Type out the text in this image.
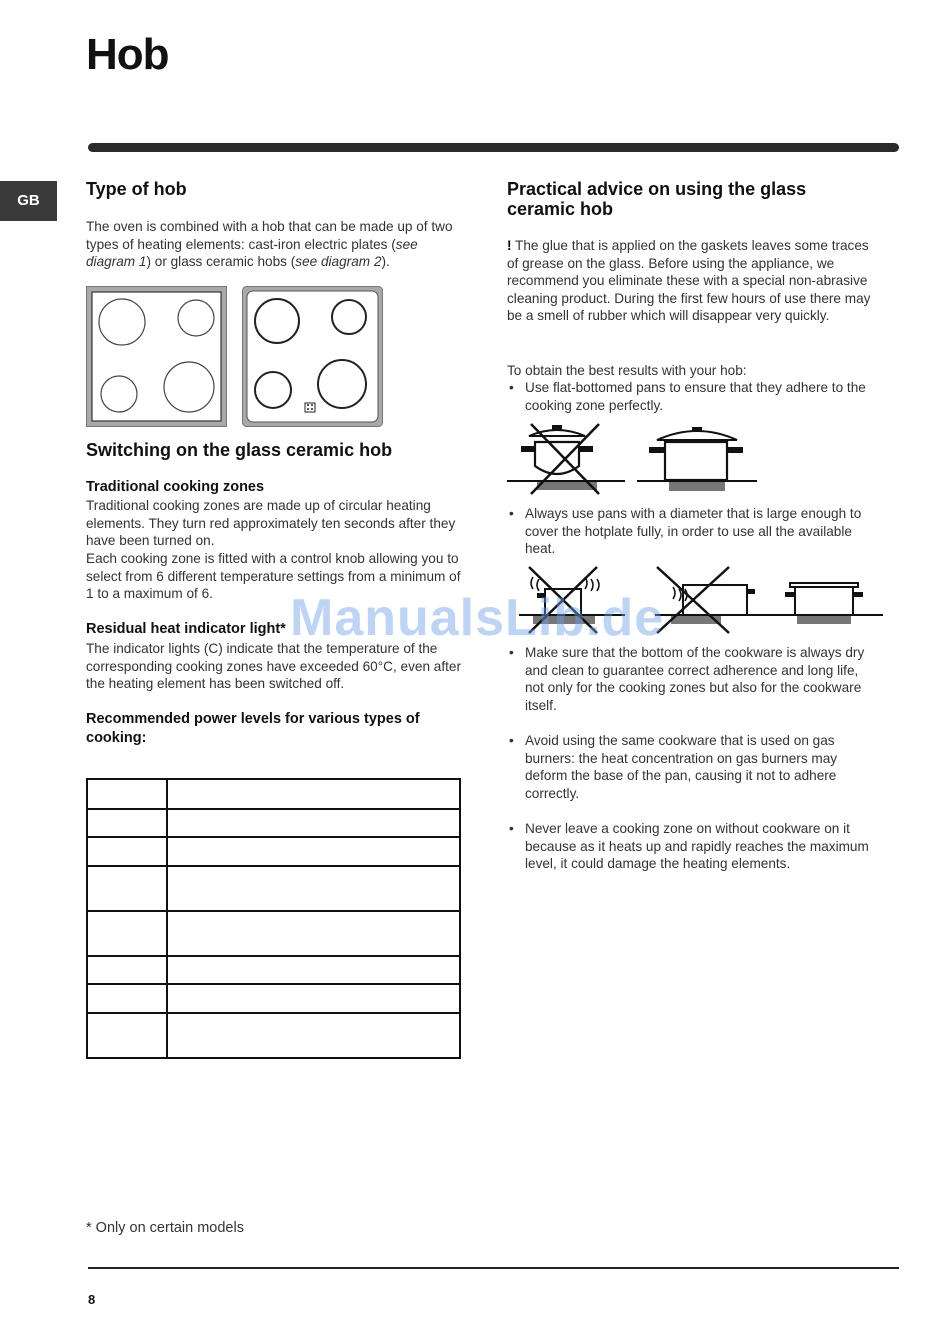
Hob
GB
Type of hob

The oven is combined with a hob that can be made up of two types of heating elements: cast-iron electric plates (see diagram 1) or glass ceramic hobs (see diagram 2).

Switching on the glass ceramic hob
Traditional cooking zones

Traditional cooking zones are made up of circular heating elements. They turn red approximately ten seconds after they have been turned on.

Each cooking zone is fitted with a control knob allowing you to select from 6 different temperature settings from a minimum of 1 to a maximum of 6.

Residual heat indicator light*

The indicator lights (C) indicate that the temperature of the corresponding cooking zones have exceeded 60°C, even after the heating element has been switched off.

Recommended power levels for various types of cooking:

Practical advice on using the glass ceramic hob

! The glue that is applied on the gaskets leaves some traces of grease on the glass. Before using the appliance, we recommend you eliminate these with a special non-abrasive cleaning product. During the first few hours of use there may be a smell of rubber which will disappear very quickly.

To obtain the best results with your hob:

• Use flat-bottomed pans to ensure that they adhere to the cooking zone perfectly.
• Always use pans with a diameter that is large enough to cover the hotplate fully, in order to use all the available heat.
• Make sure that the bottom of the cookware is always dry and clean to guarantee correct adherence and long life, not only for the cooking zones but also for the cookware itself.
• Avoid using the same cookware that is used on gas burners: the heat concentration on gas burners may deform the base of the pan, causing it not to adhere correctly.
• Never leave a cooking zone on without cookware on it because as it heats up and rapidly reaches the maximum level, it could damage the heating elements.
ManualsLib.de
* Only on certain models
8
